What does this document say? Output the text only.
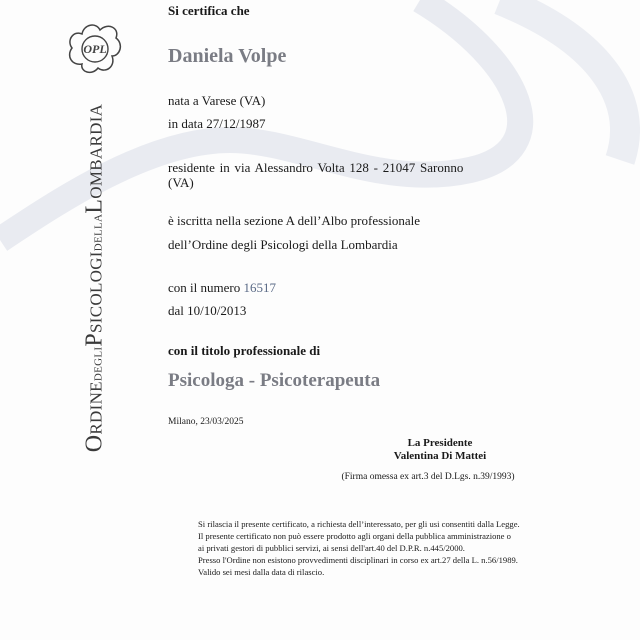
OPL
ORDINEDEGLIPSICOLOGIDELLALOMBARDIA
Si certifica che
Daniela Volpe
nata a Varese (VA)
in data 27/12/1987
residente in via Alessandro Volta 128 - 21047 Saronno
(VA)
è iscritta nella sezione A dell’Albo professionale
dell’Ordine degli Psicologi della Lombardia
con il numero 16517
dal 10/10/2013
con il titolo professionale di
Psicologa - Psicoterapeuta
Milano, 23/03/2025
La Presidente
Valentina Di Mattei
(Firma omessa ex art.3 del D.Lgs. n.39/1993)
Si rilascia il presente certificato, a richiesta dell’interessato, per gli usi consentiti dalla Legge.
Il presente certificato non può essere prodotto agli organi della pubblica amministrazione o
ai privati gestori di pubblici servizi, ai sensi dell'art.40 del D.P.R. n.445/2000.
Presso l'Ordine non esistono provvedimenti disciplinari in corso ex art.27 della L. n.56/1989.
Valido sei mesi dalla data di rilascio.
